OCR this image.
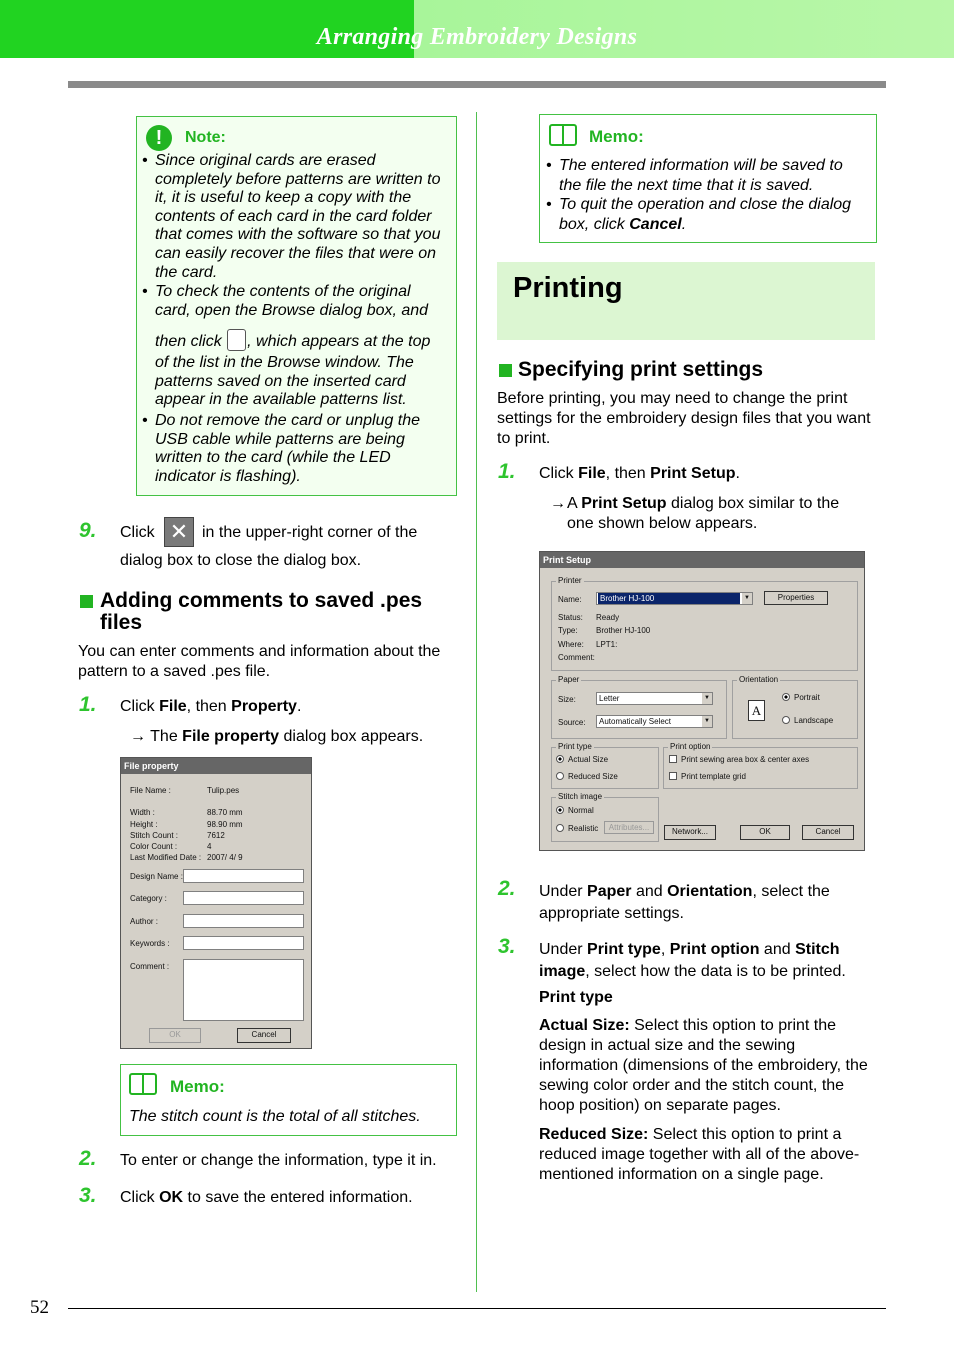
Arranging Embroidery Designs
!	Note:
• Since original cards are erased completely before patterns are written to it, it is useful to keep a copy with the contents of each card in the card folder that comes with the software so that you can easily recover the files that were on the card.
• To check the contents of the original card, open the Browse dialog box, and
then click , which appears at the top
of the list in the Browse window. The patterns saved on the inserted card appear in the available patterns list.
• Do not remove the card or unplug the USB cable while patterns are being written to the card (while the LED indicator is flashing).
9. Click ✕ in the upper-right corner of the
dialog box to close the dialog box.
Adding comments to saved .pes
files
You can enter comments and information about the pattern to a saved .pes file.
1. Click File, then Property.
→ The File property dialog box appears.
File property
File Name :	Tulip.pes
Width :	88.70 mm
Height :	98.90 mm
Stitch Count :	7612
Color Count :	4
Last Modified Date : 2007/ 4/ 9
Design Name :
Category :
Author :
Keywords :
Comment :
OK	Cancel
Memo:
The stitch count is the total of all stitches.
2. To enter or change the information, type it in.
3. Click OK to save the entered information.
Memo:
• The entered information will be saved to the file the next time that it is saved.
• To quit the operation and close the dialog box, click Cancel.
Printing
Specifying print settings
Before printing, you may need to change the print settings for the embroidery design files that you want to print.
1. Click File, then Print Setup.
→ A Print Setup dialog box similar to the one shown below appears.
Print Setup
Printer
Name: Brother HJ-100	▼	Properties
Status: Ready
Type: Brother HJ-100
Where: LPT1:
Comment:
Paper
Size:	Letter	▼
Source: Automatically Select	▼
Orientation
A
Portrait
Landscape
Print type
Actual Size
Reduced Size
Print option
Print sewing area box & center axes
Print template grid
Stitch image
Normal
Realistic	Attributes...	Network...	OK	Cancel
2. Under Paper and Orientation, select the appropriate settings.
3. Under Print type, Print option and Stitch image, select how the data is to be printed.
Print type
Actual Size: Select this option to print the design in actual size and the sewing information (dimensions of the embroidery, the sewing color order and the stitch count, the hoop position) on separate pages.
Reduced Size: Select this option to print a reduced image together with all of the above-mentioned information on a single page.
52
